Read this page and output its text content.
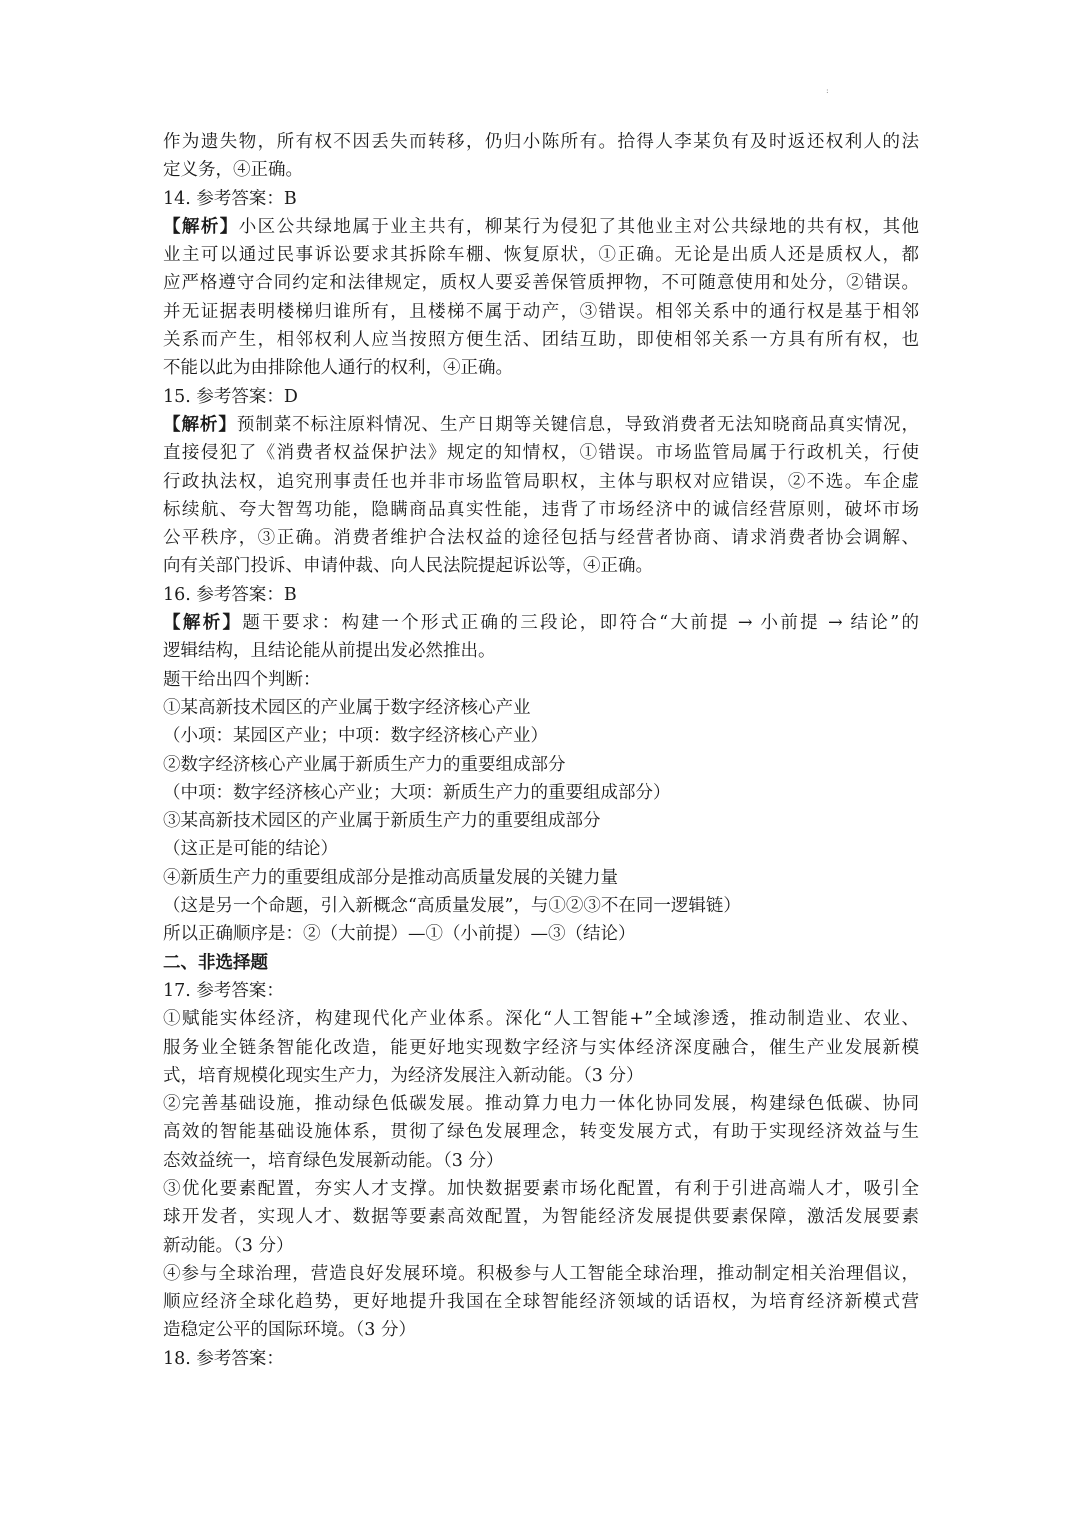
:
作为遗失物，所有权不因丢失而转移，仍归小陈所有。拾得人李某负有及时返还权利人的法
定义务，④正确。
14. 参考答案：B
【解析】小区公共绿地属于业主共有，柳某行为侵犯了其他业主对公共绿地的共有权，其他
业主可以通过民事诉讼要求其拆除车棚、恢复原状，①正确。无论是出质人还是质权人，都
应严格遵守合同约定和法律规定，质权人要妥善保管质押物，不可随意使用和处分，②错误。
并无证据表明楼梯归谁所有，且楼梯不属于动产，③错误。相邻关系中的通行权是基于相邻
关系而产生，相邻权利人应当按照方便生活、团结互助，即使相邻关系一方具有所有权，也
不能以此为由排除他人通行的权利，④正确。
15. 参考答案：D
【解析】预制菜不标注原料情况、生产日期等关键信息，导致消费者无法知晓商品真实情况，
直接侵犯了《消费者权益保护法》规定的知情权，①错误。市场监管局属于行政机关，行使
行政执法权，追究刑事责任也并非市场监管局职权，主体与职权对应错误，②不选。车企虚
标续航、夸大智驾功能，隐瞒商品真实性能，违背了市场经济中的诚信经营原则，破坏市场
公平秩序，③正确。消费者维护合法权益的途径包括与经营者协商、请求消费者协会调解、
向有关部门投诉、申请仲裁、向人民法院提起诉讼等，④正确。
16. 参考答案：B
【解析】题干要求：构建一个形式正确的三段论，即符合“大前提 → 小前提 → 结论”的
逻辑结构，且结论能从前提出发必然推出。
题干给出四个判断：
①某高新技术园区的产业属于数字经济核心产业
（小项：某园区产业；中项：数字经济核心产业）
②数字经济核心产业属于新质生产力的重要组成部分
（中项：数字经济核心产业；大项：新质生产力的重要组成部分）
③某高新技术园区的产业属于新质生产力的重要组成部分
（这正是可能的结论）
④新质生产力的重要组成部分是推动高质量发展的关键力量
（这是另一个命题，引入新概念“高质量发展”，与①②③不在同一逻辑链）
所以正确顺序是：②（大前提）—①（小前提）—③（结论）
二、非选择题
17. 参考答案：
①赋能实体经济，构建现代化产业体系。深化“人工智能+”全域渗透，推动制造业、农业、
服务业全链条智能化改造，能更好地实现数字经济与实体经济深度融合，催生产业发展新模
式，培育规模化现实生产力，为经济发展注入新动能。（3 分）
②完善基础设施，推动绿色低碳发展。推动算力电力一体化协同发展，构建绿色低碳、协同
高效的智能基础设施体系，贯彻了绿色发展理念，转变发展方式，有助于实现经济效益与生
态效益统一，培育绿色发展新动能。（3 分）
③优化要素配置，夯实人才支撑。加快数据要素市场化配置，有利于引进高端人才，吸引全
球开发者，实现人才、数据等要素高效配置，为智能经济发展提供要素保障，激活发展要素
新动能。（3 分）
④参与全球治理，营造良好发展环境。积极参与人工智能全球治理，推动制定相关治理倡议，
顺应经济全球化趋势，更好地提升我国在全球智能经济领域的话语权，为培育经济新模式营
造稳定公平的国际环境。（3 分）
18. 参考答案：
